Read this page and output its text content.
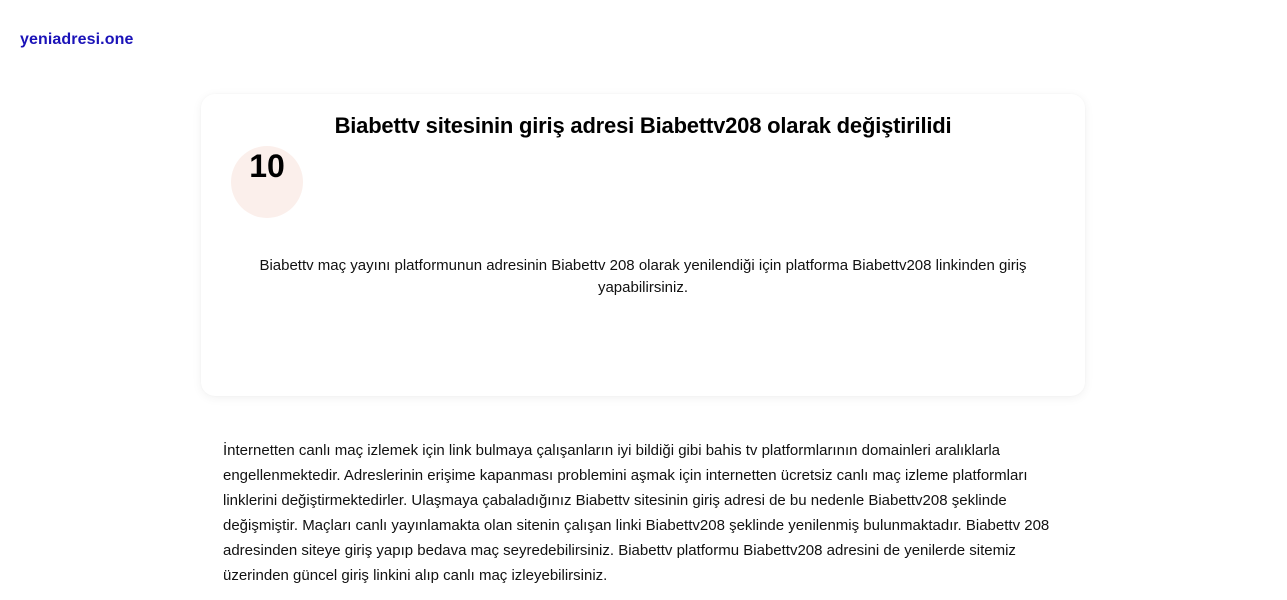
yeniadresi.one
Biabettv sitesinin giriş adresi Biabettv208 olarak değiştirilidi
10

Biabettv maç yayını platformunun adresinin Biabettv 208 olarak yenilendiği için platforma Biabettv208 linkinden giriş yapabilirsiniz.

İnternetten canlı maç izlemek için link bulmaya çalışanların iyi bildiği gibi bahis tv platformlarının domainleri aralıklarla engellenmektedir. Adreslerinin erişime kapanması problemini aşmak için internetten ücretsiz canlı maç izleme platformları linklerini değiştirmektedirler. Ulaşmaya çabaladığınız Biabettv sitesinin giriş adresi de bu nedenle Biabettv208 şeklinde değişmiştir. Maçları canlı yayınlamakta olan sitenin çalışan linki Biabettv208 şeklinde yenilenmiş bulunmaktadır. Biabettv 208 adresinden siteye giriş yapıp bedava maç seyredebilirsiniz. Biabettv platformu Biabettv208 adresini de yenilerde sitemiz üzerinden güncel giriş linkini alıp canlı maç izleyebilirsiniz.
